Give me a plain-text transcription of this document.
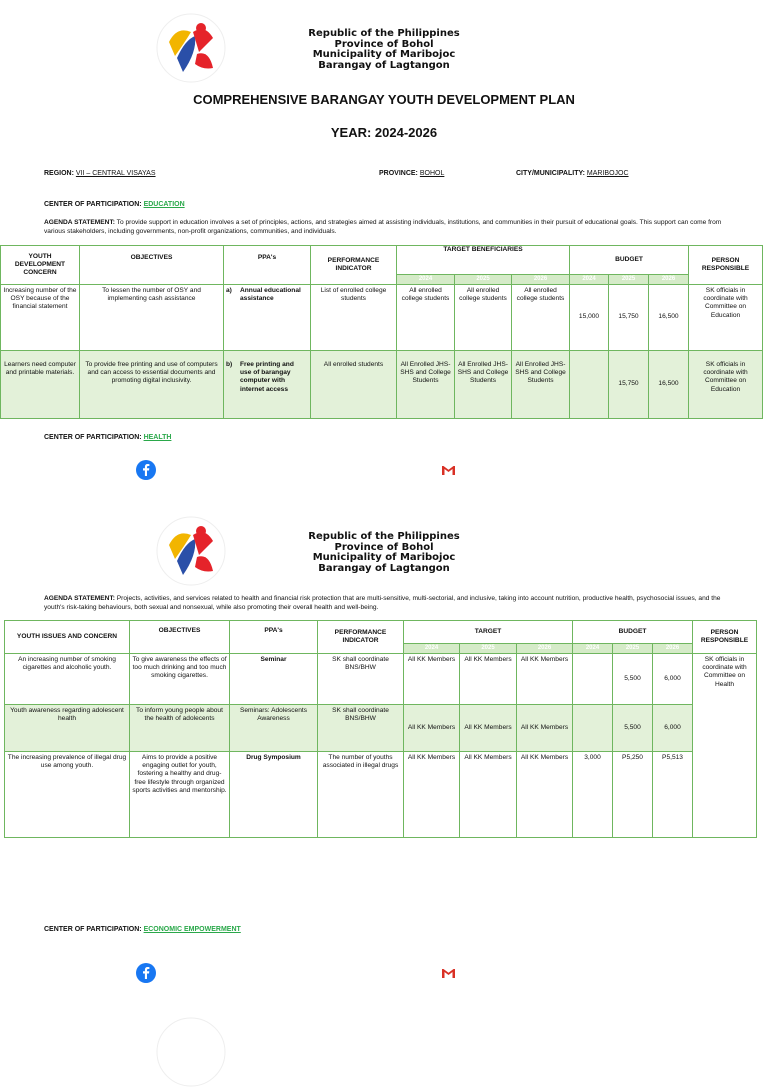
Republic of the Philippines
Province of Bohol
Municipality of Maribojoc
Barangay of Lagtangon
COMPREHENSIVE BARANGAY YOUTH DEVELOPMENT PLAN
YEAR: 2024-2026
REGION: VII – CENTRAL VISAYAS	PROVINCE: BOHOL	CITY/MUNICIPALITY: MARIBOJOC
CENTER OF PARTICIPATION: EDUCATION
AGENDA STATEMENT: To provide support in education involves a set of principles, actions, and strategies aimed at assisting individuals, institutions, and communities in their pursuit of educational goals. This support can come from various stakeholders, including governments, non-profit organizations, communities, and individuals.
YOUTH DEVELOPMENT CONCERN	OBJECTIVES	PPA's	PERFORMANCE INDICATOR	TARGET BENEFICIARIES			BUDGET			PERSON RESPONSIBLE
				2024	2025	2026	2024	2025	2026	
Increasing number of the OSY because of the financial statement	To lessen the number of OSY and implementing cash assistance	a) Annual educational assistance	List of enrolled college students	All enrolled college students	All enrolled college students	All enrolled college students	15,000	15,750	16,500	SK officials in coordinate with Committee on Education
Learners need computer and printable materials.	To provide free printing and use of computers and can access to essential documents and promoting digital inclusivity.	b) Free printing and use of barangay computer with internet access	All enrolled students	All Enrolled JHS-SHS and College Students	All Enrolled JHS-SHS and College Students	All Enrolled JHS-SHS and College Students		15,750	16,500	SK officials in coordinate with Committee on Education
CENTER OF PARTICIPATION: HEALTH
Republic of the Philippines
Province of Bohol
Municipality of Maribojoc
Barangay of Lagtangon
AGENDA STATEMENT: Projects, activities, and services related to health and financial risk protection that are multi-sensitive, multi-sectorial, and inclusive, taking into account nutrition, productive health, psychosocial issues, and the youth's risk-taking behaviours, both sexual and nonsexual, while also promoting their overall health and well-being.
YOUTH ISSUES AND CONCERN	OBJECTIVES	PPA's	PERFORMANCE INDICATOR	TARGET			BUDGET			PERSON RESPONSIBLE
				2024	2025	2026	2024	2025	2026	
An increasing number of smoking cigarettes and alcoholic youth.	To give awareness the effects of too much drinking and too much smoking cigarettes.	Seminar	SK shall coordinate BNS/BHW	All KK Members	All KK Members	All KK Members		5,500	6,000	SK officials in coordinate with Committee on Health
Youth awareness regarding adolescent health	To inform young people about the health of adolecents	Seminars: Adolescents Awareness	SK shall coordinate BNS/BHW	All KK Members	All KK Members	All KK Members		5,500	6,000	
The increasing prevalence of illegal drug use among youth.	Aims to provide a positive engaging outlet for youth, fostering a healthy and drug-free lifestyle through organized sports activities and mentorship.	Drug Symposium	The number of youths associated in illegal drugs	All KK Members	All KK Members	All KK Members	3,000	P5,250	P5,513	
CENTER OF PARTICIPATION: ECONOMIC EMPOWERMENT
